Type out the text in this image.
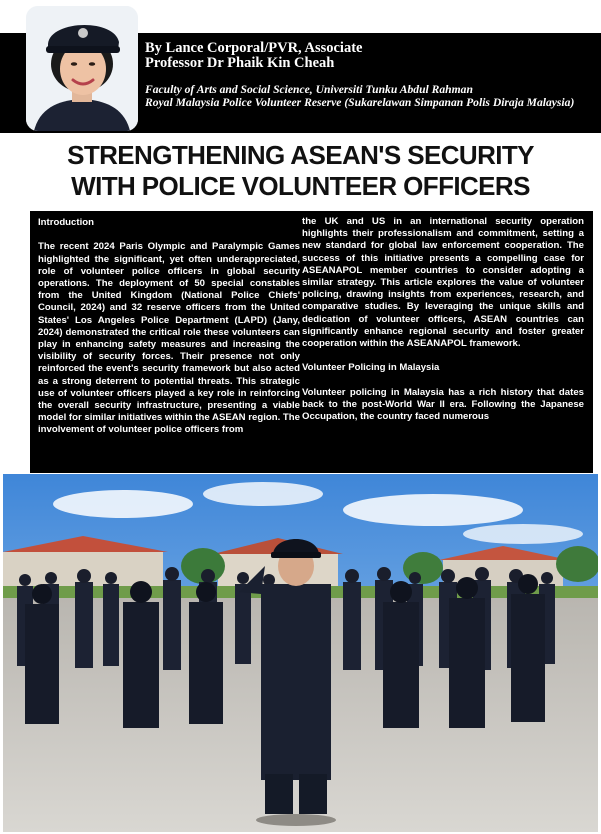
By Lance Corporal/PVR, Associate
Professor Dr Phaik Kin Cheah
Faculty of Arts and Social Science, Universiti Tunku Abdul Rahman
Royal Malaysia Police Volunteer Reserve (Sukarelawan Simpanan Polis Diraja Malaysia)
STRENGTHENING ASEAN'S SECURITY
WITH POLICE VOLUNTEER OFFICERS
Introduction

The recent 2024 Paris Olympic and Paralympic Games highlighted the significant, yet often underappreciated, role of volunteer police officers in global security operations. The deployment of 50 special constables from the United Kingdom (National Police Chiefs' Council, 2024) and 32 reserve officers from the United States' Los Angeles Police Department (LAPD) (Jany, 2024) demonstrated the critical role these volunteers can play in enhancing safety measures and increasing the visibility of security forces. Their presence not only reinforced the event's security framework but also acted as a strong deterrent to potential threats. This strategic use of volunteer officers played a key role in reinforcing the overall security infrastructure, presenting a viable model for similar initiatives within the ASEAN region. The involvement of volunteer police officers from

the UK and US in an international security operation highlights their professionalism and commitment, setting a new standard for global law enforcement cooperation. The success of this initiative presents a compelling case for ASEANAPOL member countries to consider adopting a similar strategy. This article explores the value of volunteer policing, drawing insights from experiences, research, and comparative studies. By leveraging the unique skills and dedication of volunteer officers, ASEAN countries can significantly enhance regional security and foster greater cooperation within the ASEANAPOL framework.

Volunteer Policing in Malaysia

Volunteer policing in Malaysia has a rich history that dates back to the post-World War II era. Following the Japanese Occupation, the country faced numerous
